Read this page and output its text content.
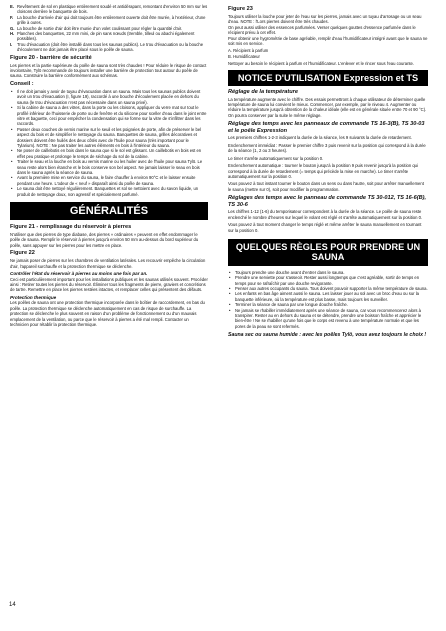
E. Revêtement de sol en plastique entièrement soudé et antidérapant, remontant d'environ 50 mm sur les cloisons derrière le banquette de bois.
F. La bouche d'arrivée d'air qui doit toujours être entièrement ouverte doit être murée, à l'extérieur, d'une grille à ouïes.
G. La bouche de sortie d'air doit être munie d'un volet coulissant pour régler la quantité d'air.
H. Planches des banquettes, 22 mm mini, de pin sans nœuds (tremble, tilleul ou abachi également possibles).
I.	Trou d'évacuation (doit être installé dans tous les saunas publics). Le trou d'évacuation ou la bouche d'écoulement ne doit jamais être placé sous le poêle de sauna.
Figure 20 - barrière de sécurité

Les pierres et la partie supérieure du poêle de sauna sont très chaudes ! Pour réduire le risque de contact involontaire, Tylö recommande de toujours installer une barrière de protection tout autour du poêle de sauna. Construire la barrière conformément aux schémas.

Conseil :
• Il ne doit jamais y avoir de tuyau d'évacuation dans un sauna. Mais tous les saunas publics doivent avoir un trou d'évacuation (I, figure 19), raccordé à une bouche d'écoulement placée en dehors du sauna (le trou d'évacuation n'est pas nécessaire dans un sauna privé).
• Si la cabine de sauna a des vitres, dans la porte ou les cloisons, appliquer du verre mat sur tout le profilé inférieur de l'huisserie de porte ou de fenêtre et du silicone pour sceller d'eau dans le joint entre vitre et baguette, ceci pour empêcher la condensation qui se forme sur la vitre de s'infiltrer dans les raccords.
• Passer deux couches de vernis marine sur le seuil et les poignées de porte, afin de préserver le bel aspect du bois et de simplifier le nettoyage du sauna. Banquettes de sauna, grilles décoratives et dossiers doivent être huilés des deux côtés avec de l'huile pour sauna (très important pour le Tylarium). NOTE : Ne pas traiter les autres éléments en bois à l'intérieur du sauna.
• Ne poser de caillebotis en bois dans le sauna que si le sol est glissant. Un caillebotis en bois est en effet peu pratique et prolonge le temps de séchage du sol de la cabine.
• Traiter le seau et la louche en bois au vernis marine ou les huiler avec de l'huile pour sauna Tylö. Le seau reste alors bien étanche et le bois conserve son bel aspect. Ne jamais laisser le seau en bois dans le sauna après la séance de sauna.
• Avant la première mise en service du sauna, le faire chauffer à environ 90°C et le laisser ensuite pendant une heure. L'odeur de « neuf » disparaît ainsi du poêle de sauna.
• Le sauna doit être nettoyé régulièrement. Banquettes et sol se nettoient avec du savon liquide, un produit de nettoyage doux, non agressif et spécialement parfumé.
GÉNÉRALITÉS
Figure 21 - remplissage du réservoir à pierres

N'utiliser que des pierres de type diabase, des pierres « ordinaires » peuvent en effet endommager le poêle de sauna. Remplir le réservoir à pierres jusqu'à environ 50 mm au-dessus du bord supérieur du poêle, sans appuyer sur les pierres pour les mettre en place.

Figure 22

Ne jamais poser de pierres sur les chambres de ventilation latérales. Les recouvrir empêche la circulation d'air, l'appareil surchauffe et la protection thermique se déclenche.

Contrôler l'état du réservoir à pierres au moins une fois par an.

Ceci est particulièrement important pour les installations publiques et les saunas utilisés souvent. Procéder ainsi : Retirer toutes les pierres du réservoir. Éliminer tous les fragments de pierre, graviers et concrétions de tartre. Remettre en place les pierres restées intactes, et remplacer celles qui présentent des défauts.

Protection thermique

Les poêles de sauna ont une protection thermique incorporée dans le boîtier de raccordement, en bas du poêle. La protection thermique se déclenche automatiquement en cas de risque de surchauffe. La protection se déclenche le plus souvent en raison d'un problème de fonctionnement ou d'un mauvais emplacement de la ventilation, ou parce que le réservoir à pierres a été mal rempli. Contacter un technicien pour rétablir la protection thermique.

Figure 23

Toujours utiliser la louche pour jeter de l'eau sur les pierres, jamais avec un tuyau d'arrosage ou un seau d'eau. NOTE : l'Lors pierres doivent être très chaudes.
On peut aussi utiliser des essences parfumées. Verser quelques gouttes d'essence parfumée dans le récipient prévu à cet effet.
Pour obtenir une hygrométrie de base agréable, remplir d'eau l'humidificateur intégré avant que le sauna ne soit mis en service.

A. Récipient à parfum

B. Humidificateur

Nettoyer au besoin le récipient à parfum et l'humidificateur. L'enlever et le rincer sous l'eau courante.

NOTICE D'UTILISATION Expression et TS
Réglage de la température

La température augmente avec le chiffre. Des essais permettront à chaque utilisateur de déterminer quelle température de sauna lui convient le mieux. Commencer, par exemple, par le niveau 4. Augmenter ou réduire la température jusqu'à obtention de la chaleur idéale (elle est en générale située entre 70 et 90 °C). On pourra conserver par la suite le même réglage.

Réglage des temps avec les panneaux de commande TS 16-3(B), TS 30-03 et le poêle Expression

Les premiers chiffres 1-2-3 indiquent la durée de la séance, les 9 suivants la durée de retardement.

Enclenchement immédiat : Passer le premier chiffre 3 puis revenir sur la position qui correspond à la durée de la séance (1, 2 ou 3 heures).

Le timer s'arrête automatiquement sur la position 0.

Enclenchement automatique : tourner le bouton jusqu'à la position 9 puis revenir jusqu'à la position qui correspond à la durée de retardement (= temps qui précède la mise en marche). Le timer s'arrête automatiquement sur la position 0.

Vous pouvez à tout instant tourner le bouton dans un sens ou dans l'autre, soit pour arrêter manuellement le sauna (mettre sur 0), soit pour modifier la programmation.

Réglages des temps avec le panneau de commande TS 30-012, TS 16-6(B), TS 30-6

Les chiffres 1-12 (1-6) du temporisateur correspondent à la durée de la séance. Le poêle de sauna reste enclenché le nombre d'heures sur lequel le volant est réglé et s'arrête automatiquement sur la position 0.

Vous pouvez à tout moment changer le temps réglé et même arrêter le sauna manuellement en tournant sur la position 0.

QUELQUES RÈGLES POUR PRENDRE UN SAUNA
• Toujours prendre une douche avant d'entrer dans le sauna.
• Prendre une serviette pour s'asseoir. Rester aussi longtemps que c'est agréable, sortir de temps en temps pour se rafraîchir par une douche revigorante.
• Penser aux autres occupants du sauna. Tous doivent pouvoir supporter la même température de sauna.
• Les enfants en bas âge aiment aussi le sauna. Les laisser jouer au sol avec un broc d'eau ou sur la banquette inférieure, où la température est plus basse, mais toujours les surveiller.
• Terminer la séance de sauna par une longue douche fraîche.
• Ne jamais se rhabiller immédiatement après une séance de sauna, car vous recommencerez alors à transpirer. Rester au en dehors du sauna et se détendre, prendre une boisson fraîche et apprécier le bien-être ! Ne se rhabiller qu'une fois que le corps est revenu à une température normale et que les pores de la peau se sont refermés.
Sauna sec ou sauna humide : avec les poêles Tylö, vous avez toujours le choix !
14
